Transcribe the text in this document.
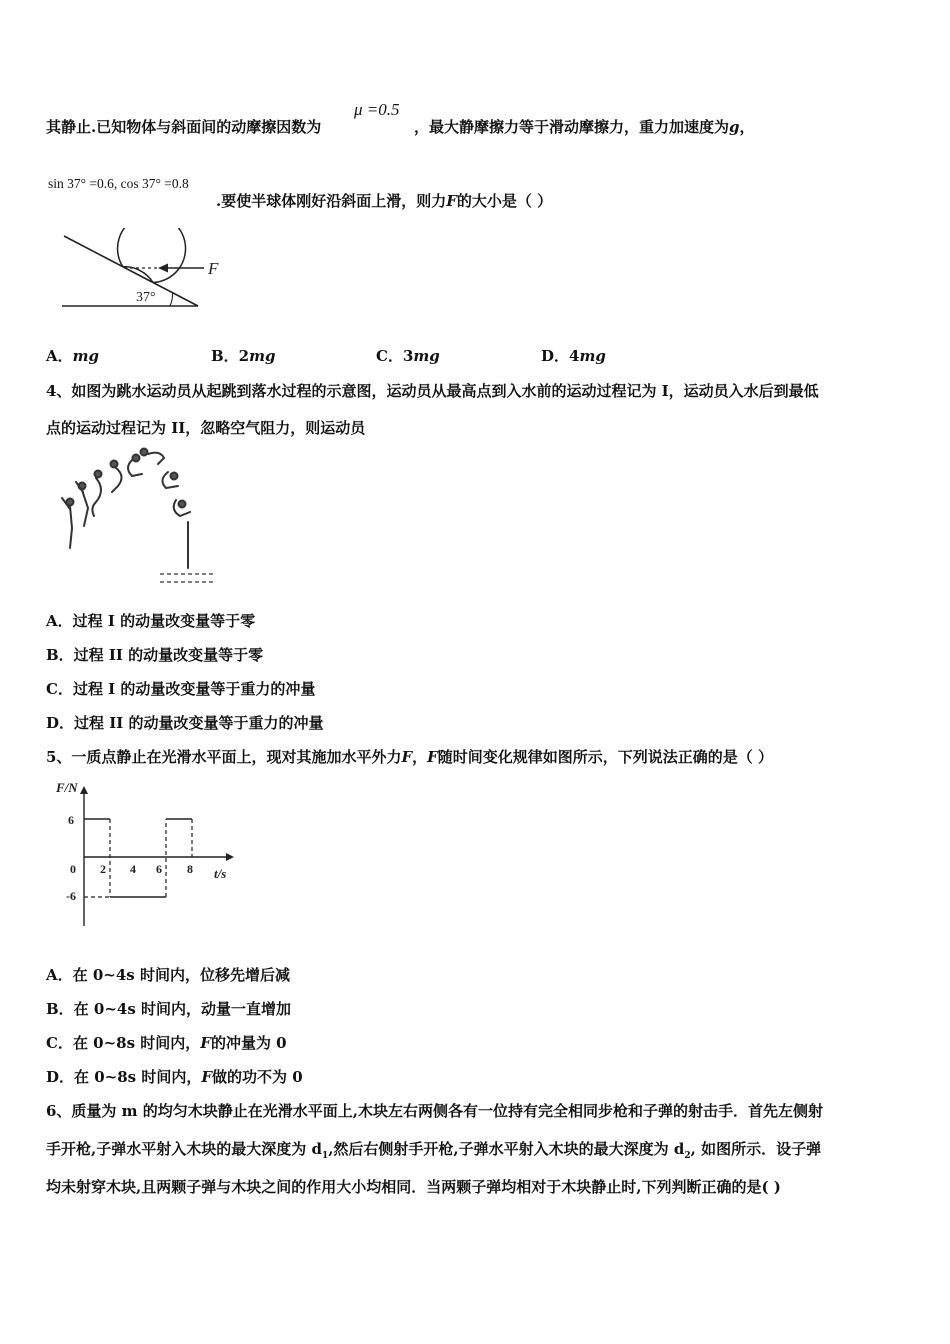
其静止.已知物体与斜面间的动摩擦因数为
μ =0.5
，最大静摩擦力等于滑动摩擦力，重力加速度为g，
sin 37° =0.6, cos 37° =0.8
.要使半球体刚好沿斜面上滑，则力F的大小是（ ）
F
37°
A．mg	B．2mg	C．3mg	D．4mg
4、如图为跳水运动员从起跳到落水过程的示意图，运动员从最高点到入水前的运动过程记为 I，运动员入水后到最低
点的运动过程记为 II，忽略空气阻力，则运动员
A．过程 I 的动量改变量等于零
B．过程 II 的动量改变量等于零
C．过程 I 的动量改变量等于重力的冲量
D．过程 II 的动量改变量等于重力的冲量
5、一质点静止在光滑水平面上，现对其施加水平外力F，F随时间变化规律如图所示，下列说法正确的是（ ）
F/N
0
6
-6
2 4 6 8 t/s
A．在 0~4s 时间内，位移先增后减
B．在 0~4s 时间内，动量一直增加
C．在 0~8s 时间内，F的冲量为 0
D．在 0~8s 时间内，F做的功不为 0
6、质量为 m 的均匀木块静止在光滑水平面上,木块左右两侧各有一位持有完全相同步枪和子弹的射击手．首先左侧射
手开枪,子弹水平射入木块的最大深度为 $d_1$,然后右侧射手开枪,子弹水平射入木块的最大深度为 $d_2$, 如图所示．设子弹
均未射穿木块,且两颗子弹与木块之间的作用大小均相同．当两颗子弹均相对于木块静止时,下列判断正确的是( )
